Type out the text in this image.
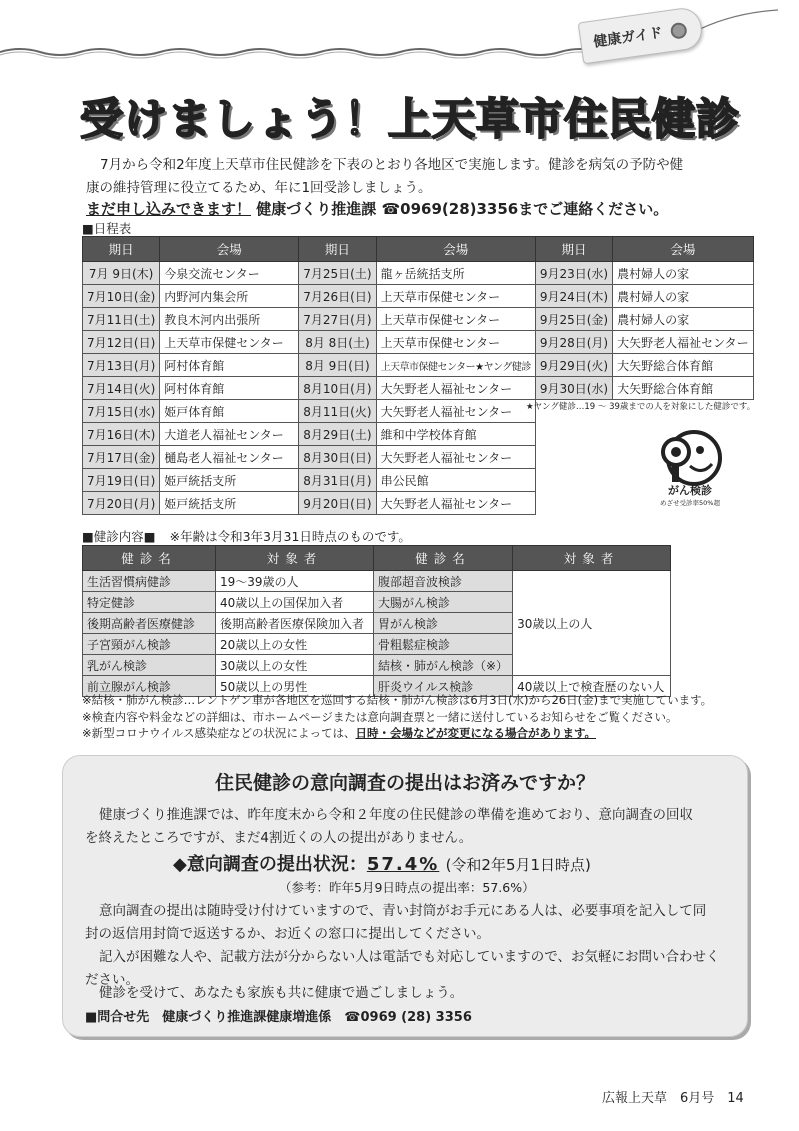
健康ガイド
受けましょう！上天草市住民健診
7月から令和2年度上天草市住民健診を下表のとおり各地区で実施します。健診を病気の予防や健
康の維持管理に役立てるため、年に1回受診しましょう。
まだ申し込みできます！ 健康づくり推進課 ☎0969(28)3356までご連絡ください。
■日程表
期日	会場	期日	会場	期日	会場
7月 9日(木)	今泉交流センター	7月25日(土)	龍ヶ岳統括支所	9月23日(水)	農村婦人の家
7月10日(金)	内野河内集会所	7月26日(日)	上天草市保健センター	9月24日(木)	農村婦人の家
7月11日(土)	教良木河内出張所	7月27日(月)	上天草市保健センター	9月25日(金)	農村婦人の家
7月12日(日)	上天草市保健センター	8月 8日(土)	上天草市保健センター	9月28日(月)	大矢野老人福祉センター
7月13日(月)	阿村体育館	8月 9日(日)	上天草市保健センター★ヤング健診	9月29日(火)	大矢野総合体育館
7月14日(火)	阿村体育館	8月10日(月)	大矢野老人福祉センター	9月30日(水)	大矢野総合体育館
7月15日(水)	姫戸体育館	8月11日(火)	大矢野老人福祉センター		
7月16日(木)	大道老人福祉センター	8月29日(土)	維和中学校体育館		
7月17日(金)	樋島老人福祉センター	8月30日(日)	大矢野老人福祉センター		
7月19日(日)	姫戸統括支所	8月31日(月)	串公民館		
7月20日(月)	姫戸統括支所	9月20日(日)	大矢野老人福祉センター		
★ヤング健診…19 ～ 39歳までの人を対象にした健診です。
がん検診
めざせ受診率50%超
■健診内容■ ※年齢は令和3年3月31日時点のものです。
健診名	対象者	健診名	対象者
生活習慣病健診	19～39歳の人	腹部超音波検診	30歳以上の人
特定健診	40歳以上の国保加入者	大腸がん検診	
後期高齢者医療健診	後期高齢者医療保険加入者	胃がん検診	
子宮頸がん検診	20歳以上の女性	骨粗鬆症検診	
乳がん検診	30歳以上の女性	結核・肺がん検診（※）	
前立腺がん検診	50歳以上の男性	肝炎ウイルス検診	40歳以上で検査歴のない人
※結核・肺がん検診…レントゲン車が各地区を巡回する結核・肺がん検診は6月3日(水)から26日(金)まで実施しています。
※検査内容や料金などの詳細は、市ホームページまたは意向調査票と一緒に送付しているお知らせをご覧ください。
※新型コロナウイルス感染症などの状況によっては、日時・会場などが変更になる場合があります。
住民健診の意向調査の提出はお済みですか？
健康づくり推進課では、昨年度末から令和２年度の住民健診の準備を進めており、意向調査の回収
を終えたところですが、まだ4割近くの人の提出がありません。
◆意向調査の提出状況：57.4% (令和2年5月1日時点)
（参考：昨年5月9日時点の提出率：57.6%）
意向調査の提出は随時受け付けていますので、青い封筒がお手元にある人は、必要事項を記入して同
封の返信用封筒で返送するか、お近くの窓口に提出してください。
記入が困難な人や、記載方法が分からない人は電話でも対応していますので、お気軽にお問い合わせく
ださい。
健診を受けて、あなたも家族も共に健康で過ごしましょう。
■問合せ先　健康づくり推進課健康増進係　☎0969 (28) 3356
広報上天草　6月号　14
